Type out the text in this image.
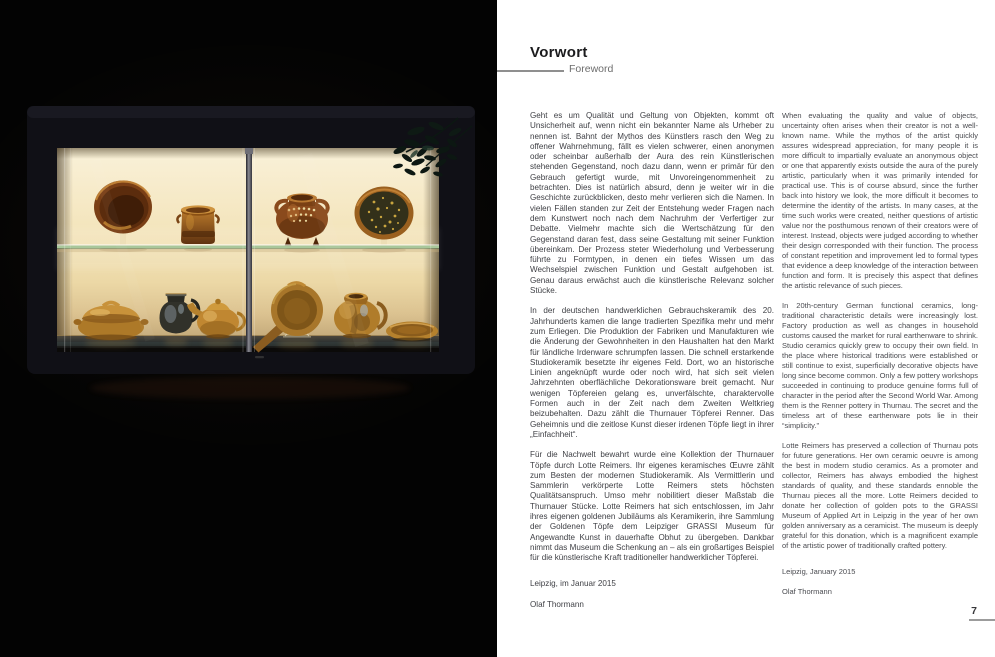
Vorwort
Foreword

Geht es um Qualität und Geltung von Objekten, kommt oft Unsicherheit auf, wenn nicht ein bekannter Name als Urheber zu nennen ist. Bahnt der Mythos des Künstlers rasch den Weg zu offener Wahrnehmung, fällt es vielen schwerer, einen anonymen oder scheinbar außerhalb der Aura des rein Künstlerischen stehenden Gegenstand, noch dazu dann, wenn er primär für den Gebrauch gefertigt wurde, mit Unvoreingenommenheit zu betrachten. Dies ist natürlich absurd, denn je weiter wir in die Geschichte zurückblicken, desto mehr verlieren sich die Namen. In vielen Fällen standen zur Zeit der Entstehung weder Fragen nach dem Kunstwert noch nach dem Nachruhm der Verfertiger zur Debatte. Vielmehr machte sich die Wertschätzung für den Gegenstand daran fest, dass seine Gestaltung mit seiner Funktion übereinkam. Der Prozess steter Wiederholung und Verbesserung führte zu Formtypen, in denen ein tiefes Wissen um das Wechselspiel zwischen Funktion und Gestalt aufgehoben ist. Genau daraus erwächst auch die künstlerische Relevanz solcher Stücke.

In der deutschen handwerklichen Gebrauchskeramik des 20. Jahrhunderts kamen die lange tradierten Spezifika mehr und mehr zum Erliegen. Die Produktion der Fabriken und Manufakturen wie die Änderung der Gewohnheiten in den Haushalten hat den Markt für ländliche Irdenware schrumpfen lassen. Die schnell erstarkende Studiokeramik besetzte ihr eigenes Feld. Dort, wo an historische Linien angeknüpft wurde oder noch wird, hat sich seit vielen Jahrzehnten oberflächliche Dekorationsware breit gemacht. Nur wenigen Töpfereien gelang es, unverfälschte, charaktervolle Formen auch in der Zeit nach dem Zweiten Weltkrieg beizubehalten. Dazu zählt die Thurnauer Töpferei Renner. Das Geheimnis und die zeitlose Kunst dieser irdenen Töpfe liegt in ihrer „Einfachheit“.

Für die Nachwelt bewahrt wurde eine Kollektion der Thurnauer Töpfe durch Lotte Reimers. Ihr eigenes keramisches Œuvre zählt zum Besten der modernen Studiokeramik. Als Vermittlerin und Sammlerin verkörperte Lotte Reimers stets höchsten Qualitätsanspruch. Umso mehr nobilitiert dieser Maßstab die Thurnauer Stücke. Lotte Reimers hat sich entschlossen, im Jahr ihres eigenen goldenen Jubiläums als Keramikerin, ihre Sammlung der Goldenen Töpfe dem Leipziger GRASSI Museum für Angewandte Kunst in dauerhafte Obhut zu übergeben. Dankbar nimmt das Museum die Schenkung an – als ein großartiges Beispiel für die künstlerische Kraft traditioneller handwerklicher Töpferei.

Leipzig, im Januar 2015

Olaf Thormann

When evaluating the quality and value of objects, uncertainty often arises when their creator is not a well-known name. While the mythos of the artist quickly assures widespread appreciation, for many people it is more difficult to impartially evaluate an anonymous object or one that apparently exists outside the aura of the purely artistic, particularly when it was primarily intended for practical use. This is of course absurd, since the further back into history we look, the more difficult it becomes to determine the identity of the artists. In many cases, at the time such works were created, neither questions of artistic value nor the posthumous renown of their creators were of interest. Instead, objects were judged according to whether their design corresponded with their function. The process of constant repetition and improvement led to formal types that evidence a deep knowledge of the interaction between function and form. It is precisely this aspect that defines the artistic relevance of such pieces.

In 20th-century German functional ceramics, long-traditional characteristic details were increasingly lost. Factory production as well as changes in household customs caused the market for rural earthenware to shrink. Studio ceramics quickly grew to occupy their own field. In the place where historical traditions were established or still continue to exist, superficially decorative objects have long since become common. Only a few pottery workshops succeeded in continuing to produce genuine forms full of character in the period after the Second World War. Among them is the Renner pottery in Thurnau. The secret and the timeless art of these earthenware pots lie in their “simplicity.”

Lotte Reimers has preserved a collection of Thurnau pots for future generations. Her own ceramic oeuvre is among the best in modern studio ceramics. As a promoter and collector, Reimers has always embodied the highest standards of quality, and these standards ennoble the Thurnau pieces all the more. Lotte Reimers decided to donate her collection of golden pots to the GRASSI Museum of Applied Art in Leipzig in the year of her own golden anniversary as a ceramicist. The museum is deeply grateful for this donation, which is a magnificent example of the artistic power of traditionally crafted pottery.

Leipzig, January 2015

Olaf Thormann

7
